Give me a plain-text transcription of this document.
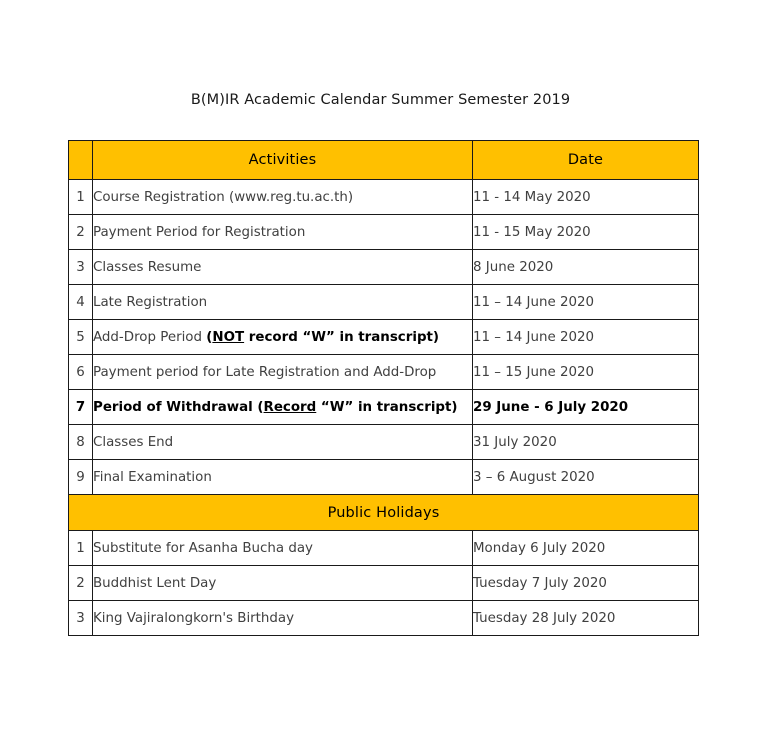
B(M)IR Academic Calendar Summer Semester 2019
	Activities	Date
1	Course Registration (www.reg.tu.ac.th)	11 - 14 May 2020
2	Payment Period for Registration	11 - 15 May 2020
3	Classes Resume	8 June 2020
4	Late Registration	11 – 14 June 2020
5	Add-Drop Period (NOT record “W” in transcript)	11 – 14 June 2020
6	Payment period for Late Registration and Add-Drop	11 – 15 June 2020
7	Period of Withdrawal (Record “W” in transcript)	29 June - 6 July 2020
8	Classes End	31 July 2020
9	Final Examination	3 – 6 August 2020
Public Holidays		
1	Substitute for Asanha Bucha day	Monday 6 July 2020
2	Buddhist Lent Day	Tuesday 7 July 2020
3	King Vajiralongkorn's Birthday	Tuesday 28 July 2020
